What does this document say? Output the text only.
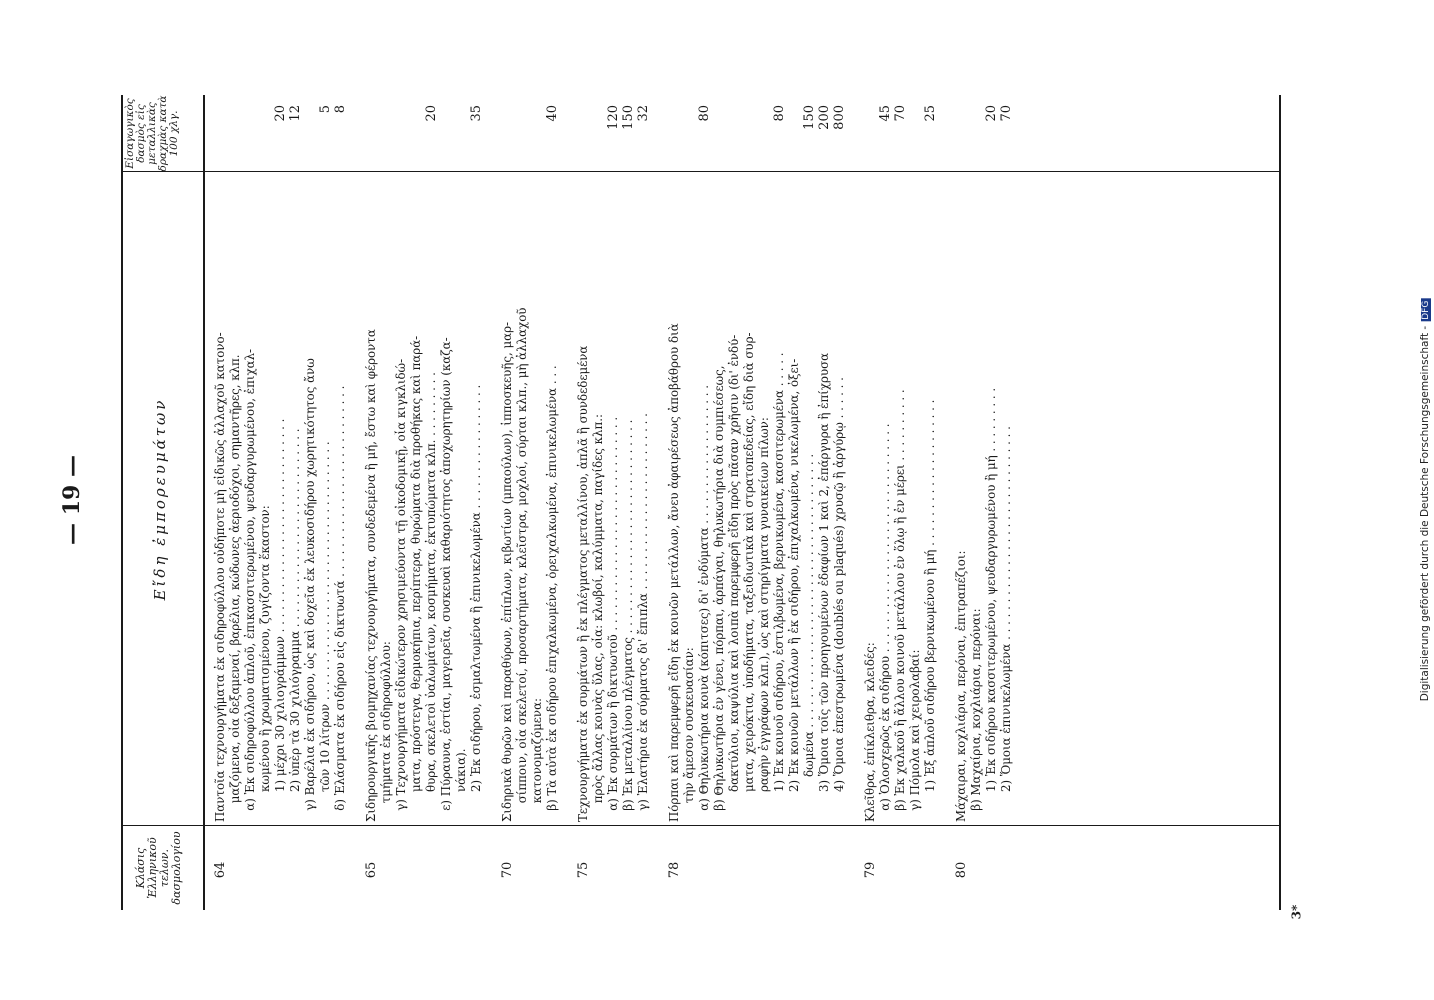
— 19 —
Κλάσις Ἑλληνικοῦ τελων. δασμολογίου
Εἴδη ἐμπορευμάτων
Εἰσαγωγικὸς δασμὸς εἰς μεταλλικὰς δραχμὰς κατὰ 100 χλγ.
64
20 12 5 8
Παντοῖα τεχνουργήματα ἐκ σιδηροφύλλου οὐδήποτε μὴ εἰδικῶς ἀλλαχοῦ κατονο- μαζόμενα, οἷα δεξαμεναί, βαρέλια, κώδωνες ἀεριοδόχοι, σημαντῆρες, κλπ. α) Ἐκ σιδηροφύλλου ἁπλοῦ, ἐπικασσιτερωμένου, ψευδαργυρωμένου, ἐπιχαλ- κωμένου ἢ χρωματισμένου, ζυγίζοντα ἕκαστον: 1) μέχρι 30 χιλιογράμμων . . . . . . . . . . . . . . . . . . . . . . . . . . . . . 2) ὑπὲρ τὰ 30 χιλιόγραμμα . . . . . . . . . . . . . . . . . . . . . . . . . . . γ) Βαρέλια ἐκ σιδήρου, ὡς καὶ δοχεῖα ἐκ λευκοσιδήρου χωρητικότητος ἄνω τῶν 10 λίτρων . . . . . . . . . . . . . . . . . . . . . . . . . . . . . . . . . . . δ) Ἐλάσματα ἐκ σιδήρου εἰς δικτυωτά . . . . . . . . . . . . . . . . . . . . . . . . . .
65
20 35
Σιδηρουργικῆς βιομηχανίας τεχνουργήματα, συνδεδεμένα ἢ μή, ἔστω καὶ φέροντα τμήματα ἐκ σιδηροφύλλου: γ) Τεχνουργήματα εἰδικώτερον χρησιμεύοντα τῇ οἰκοδομικῇ, οἷα κιγκλιδώ- ματα, πρόστεγα, θερμοκήπια, περίπτερα, θυρώματα διὰ προθήκας καὶ παρά- θυρα, σκελετοὶ ὑαλωμάτων, κοσμήματα, ἐκτυπώματα κλπ. . . . . . . . . . ε) Πύραυνα, ἑστίαι, μαγειρεῖα, συσκευαὶ καθαριότητος ἀποχωρητηρίων (καζα- νάκια). 2) Ἐκ σιδήρου, ἐσμαλτωμένα ἢ ἐπινικελωμένα . . . . . . . . . . . . . . . . .
70
40
Σιδηρικὰ θυρῶν καὶ παραθύρων, ἐπίπλων, κιβωτίων (μπαούλων), ἱπποσκευῆς, μαρ- σίπποιν, οἷα σκελετοί, προσαρτήματα, κλεῖστρα, μοχλοί, σύρται κλπ., μὴ ἀλλαχοῦ κατονομαζόμενα: β) Τὰ αὐτὰ ἐκ σιδήρου ἐπιχαλκωμένα, ὀρειχαλκωμένα, ἐπινικελωμένα . . .
75
120 150 32
Τεχνουργήματα ἐκ συρμάτων ἢ ἐκ πλέγματος μεταλλίνου, ἁπλᾶ ἢ συνδεδεμένα πρὸς ἄλλας κοινὰς ὕλας, οἷα: κλωβοί, καλύμματα, παγίδες κλπ.: α) Ἐκ συρμάτων ἢ δικτυωτοῦ . . . . . . . . . . . . . . . . . . . . . . . . . . . . . β) Ἐκ μεταλλίνου πλέγματος . . . . . . . . . . . . . . . . . . . . . . . . . . . . . γ) Ἐλατήρια ἐκ σύρματος δι' ἔπιπλα . . . . . . . . . . . . . . . . . . . . . . . .
78
80	80 150 200 800
Πόρπαι καὶ παρεμφερῆ εἴδη ἐκ κοινῶν μετάλλων, ἄνευ ἀφαιρέσεως ἀποβάθρου διὰ τὴν ἄμεσον συσκευασίαν: α) Θηλυκωτήρια κοινὰ (κόπιτσες) δι' ἐνδύματα . . . . . . . . . . . . . . . . . . . β) Θηλυκωτήρια ἐν γένει, πόρπαι, ἁρπάγαι, θηλυκωτήρια διὰ συμπιέσεως, δακτύλιοι, καψύλια καὶ λοιπὰ παρεμφερῆ εἴδη πρὸς πᾶσαν χρῆσιν (δι' ἐνδύ- ματα, χειρόκτια, ὑποδήματα, ταξειδιωτικὰ καὶ στρατοπεδείας, εἴδη διὰ συρ- ραφὴν ἐγγράφων κλπ.), ὡς καὶ στηρίγματα γυναικείων πίλων: 1) Ἐκ κοινοῦ σιδήρου, ἐστιλβωμένα, βερνικωμένα, κασσιτερωμένα . . . . . 2) Ἐκ κοινῶν μετάλλων ἢ ἐκ σιδήρου, ἐπιχαλκωμένα, νικελωμένα, ὀξει- δωμένα . . . . . . . . . . . . . . . . . . . . . . . . . . . . . . . . . . . . . 3) Ὅμοια τοῖς τῶν προηγουμένων ἐδαφίων 1 καὶ 2, ἐπάργυρα ἢ ἐπίχρυσα 4) Ὅμοια ἐπεστρωμένα (doublés ou plaqués) χρυσῷ ἢ ἀργύρῳ . . . . . .
79
45 70 25
Κλεῖθρα, ἐπίκλειθρα, κλειδές: α) Ὁλοσχερῶς ἐκ σιδήρου . . . . . . . . . . . . . . . . . . . . . . . . . . . . . . . β) Ἐκ χαλκοῦ ἢ ἄλλου κοινοῦ μετάλλου ἐν ὅλῳ ἢ ἐν μέρει . . . . . . . . . . γ) Πόμολα καὶ χειρολαβαί: 1) Ἐξ ἁπλοῦ σιδήρου βερνικωμένου ἢ μή . . . . . . . . . . . . . . . . . . . .
80
20 70
Μάχαιραι, κοχλιάρια, περόναι, ἐπιτραπέζιοι: β) Μαχαίρια, κοχλιάρια, περόναι: 1) Ἐκ σιδήρου κασσιτερωμένου, ψευδαργυρωμένου ἢ μή . . . . . . . . . 2) Ὅμοια ἐπινικελωμένα . . . . . . . . . . . . . . . . . . . . . . . . . . . . .
3*
Digitalisierung gefördert durch die Deutsche Forschungsgemeinschaft -DFG
